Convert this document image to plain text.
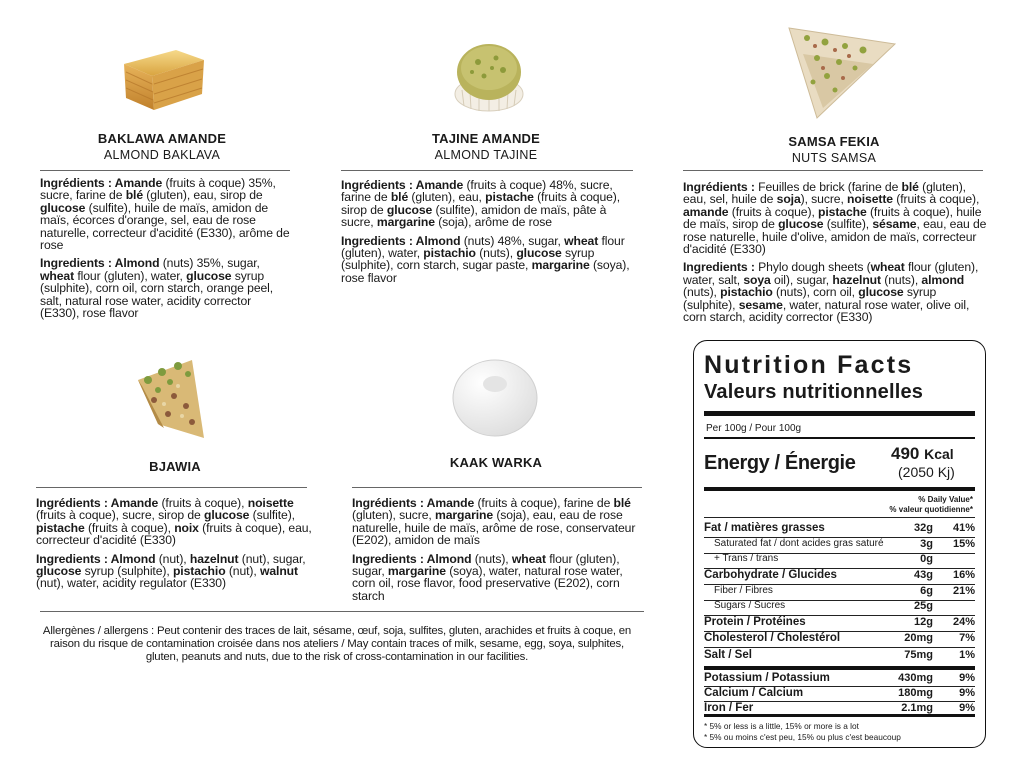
BAKLAWA AMANDE
ALMOND BAKLAVA
TAJINE AMANDE
ALMOND TAJINE
SAMSA FEKIA
NUTS SAMSA
BJAWIA	KAAK WARKA

Ingrédients : Amande (fruits à coque) 35%, sucre, farine de blé (gluten), eau, sirop de glucose (sulfite), huile de maïs, amidon de maïs, écorces d'orange, sel, eau de rose naturelle, correcteur d'acidité (E330), arôme de rose

Ingredients : Almond (nuts) 35%, sugar, wheat flour (gluten), water, glucose syrup (sulphite), corn oil, corn starch, orange peel, salt, natural rose water, acidity corrector (E330), rose flavor

Ingrédients : Amande (fruits à coque) 48%, sucre, farine de blé (gluten), eau, pistache (fruits à coque), sirop de glucose (sulfite), amidon de maïs, pâte à sucre, margarine (soja), arôme de rose

Ingredients : Almond (nuts) 48%, sugar, wheat flour (gluten), water, pistachio (nuts), glucose syrup (sulphite), corn starch, sugar paste, margarine (soya), rose flavor

Ingrédients : Feuilles de brick (farine de blé (gluten), eau, sel, huile de soja), sucre, noisette (fruits à coque), amande (fruits à coque), pistache (fruits à coque), huile de maïs, sirop de glucose (sulfite), sésame, eau, eau de rose naturelle, huile d'olive, amidon de maïs, correcteur d'acidité (E330)

Ingredients : Phylo dough sheets (wheat flour (gluten), water, salt, soya oil), sugar, hazelnut (nuts), almond (nuts), pistachio (nuts), corn oil, glucose syrup (sulphite), sesame, water, natural rose water, olive oil, corn starch, acidity corrector (E330)

Ingrédients : Amande (fruits à coque), noisette (fruits à coque), sucre, sirop de glucose (sulfite), pistache (fruits à coque), noix (fruits à coque), eau, correcteur d'acidité (E330)

Ingredients : Almond (nut), hazelnut (nut), sugar, glucose syrup (sulphite), pistachio (nut), walnut (nut), water, acidity regulator (E330)

Ingrédients : Amande (fruits à coque), farine de blé (gluten), sucre, margarine (soja), eau, eau de rose naturelle, huile de maïs, arôme de rose, conservateur (E202), amidon de maïs

Ingredients : Almond (nuts), wheat flour (gluten), sugar, margarine (soya), water, natural rose water, corn oil, rose flavor, food preservative (E202), corn starch

Allergènes / allergens : Peut contenir des traces de lait, sésame, œuf, soja, sulfites, gluten, arachides et fruits à coque, en raison du risque de contamination croisée dans nos ateliers / May contain traces of milk, sesame, egg, soya, sulphites, gluten, peanuts and nuts, due to the risk of cross-contamination in our facilities.
Nutrition Facts
Valeurs nutritionnelles
Per 100g / Pour 100g
Energy / Énergie 490 Kcal
(2050 Kj)
% Daily Value*
% valeur quotidienne*
Fat / matières grasses	32g 41%
Saturated fat / dont acides gras saturé	3g 15%
+ Trans / trans	0g
Carbohydrate / Glucides	43g 16%
Fiber / Fibres	6g 21%
Sugars / Sucres	25g
Protein / Protéines	12g 24%
Cholesterol / Cholestérol	20mg 7%
Salt / Sel	75mg 1%
Potassium / Potassium	430mg 9%
Calcium / Calcium	180mg 9%
Iron / Fer	2.1mg 9%
* 5% or less is a little, 15% or more is a lot
* 5% ou moins c'est peu, 15% ou plus c'est beaucoup
